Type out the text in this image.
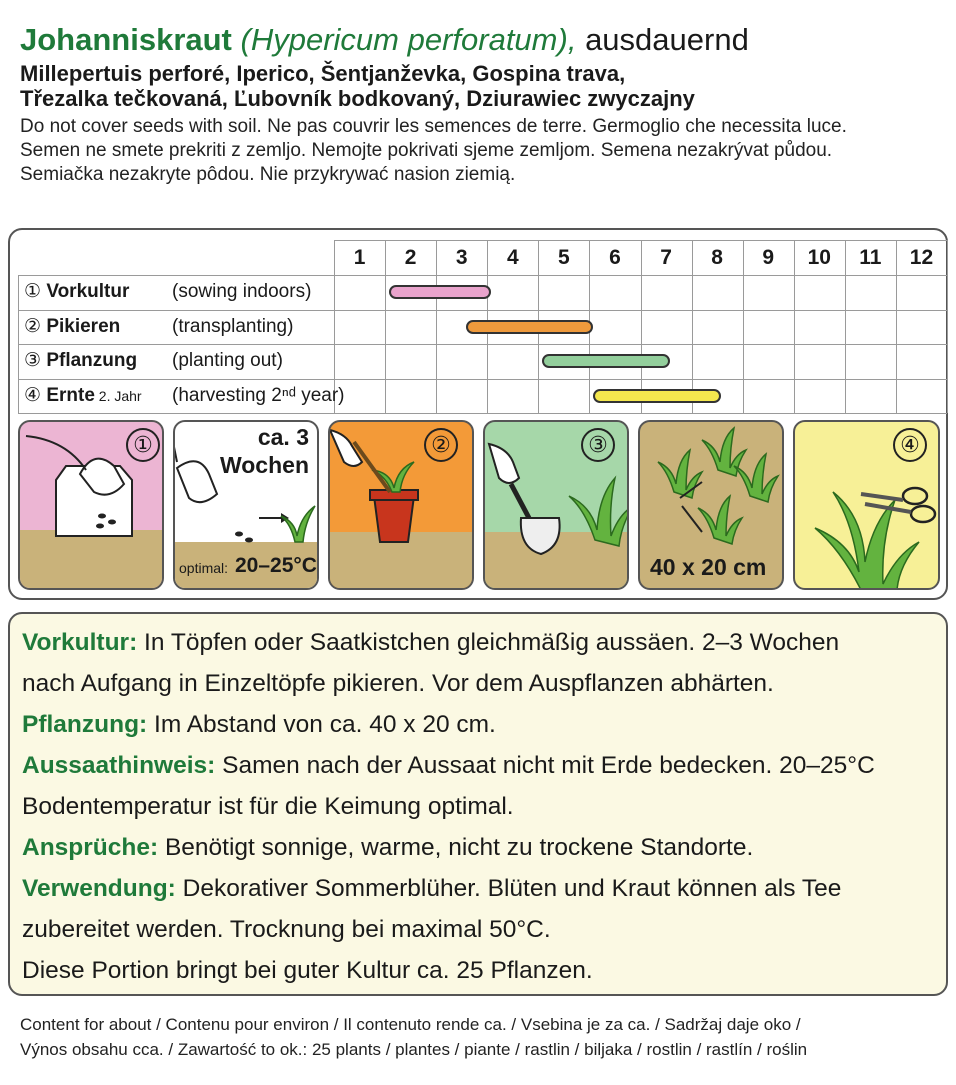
Johanniskraut (Hypericum perforatum), ausdauernd
Millepertuis perforé, Iperico, Šentjanževka, Gospina trava,
Třezalka tečkovaná, Ľubovník bodkovaný, Dziurawiec zwyczajny
Do not cover seeds with soil. Ne pas couvrir les semences de terre. Germoglio che necessita luce.
Semen ne smete prekriti z zemljo. Nemojte pokrivati sjeme zemljom. Semena nezakrývat půdou.
Semiačka nezakryte pôdou. Nie przykrywać nasion ziemią.
1	2	3	4	5	6	7	8	9	10	11	12
① Vorkultur (sowing indoors)
② Pikieren	(transplanting)
③ Pflanzung (planting out)
④ Ernte 2. Jahr (harvesting 2ⁿᵈ year)
①	ca. 3
Wochen
optimal: 20–25°C
②	③
40 x 20 cm
④

Vorkultur: In Töpfen oder Saatkistchen gleichmäßig aussäen. 2–3 Wochen

nach Aufgang in Einzeltöpfe pikieren. Vor dem Auspflanzen abhärten.

Pflanzung: Im Abstand von ca. 40 x 20 cm.

Aussaathinweis: Samen nach der Aussaat nicht mit Erde bedecken. 20–25°C

Bodentemperatur ist für die Keimung optimal.

Ansprüche: Benötigt sonnige, warme, nicht zu trockene Standorte.

Verwendung: Dekorativer Sommerblüher. Blüten und Kraut können als Tee

zubereitet werden. Trocknung bei maximal 50°C.

Diese Portion bringt bei guter Kultur ca. 25 Pflanzen.

Content for about / Contenu pour environ / Il contenuto rende ca. / Vsebina je za ca. / Sadržaj daje oko /
Výnos obsahu cca. / Zawartość to ok.: 25 plants / plantes / piante / rastlin / biljaka / rostlin / rastlín / roślin
